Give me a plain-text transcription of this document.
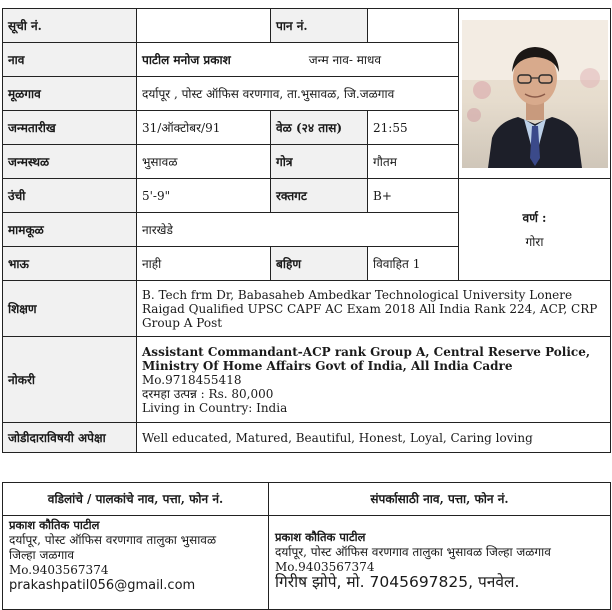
सूची नं.		पान नं.		

नाव	पाटील मनोज प्रकाश जन्म नाव- माधव			
मूळगाव	दर्यापूर , पोस्ट ऑफिस वरणगाव, ता.भुसावळ, जि.जळगाव			
जन्मतारीख	31/ऑक्टोबर/91	वेळ (२४ तास)	21:55	
जन्मस्थळ	भुसावळ	गोत्र	गौतम	
उंची	5'-9"	रक्तगट	B+	वर्ण :
गोरा
मामकूळ	नारखेडे			
भाऊ	नाही	बहिण	विवाहित 1	
शिक्षण	B. Tech frm Dr, Babasaheb Ambedkar Technological University Lonere Raigad Qualified UPSC CAPF AC Exam 2018 All India Rank 224, ACP, CRP Group A Post			
नोकरी	Assistant Commandant-ACP rank Group A, Central Reserve Police,
Ministry Of Home Affairs Govt of India, All India Cadre
Mo.9718455418
दरमहा उत्पन्न : Rs. 80,000
Living in Country: India			

जोडीदाराविषयी अपेक्षा	Well educated, Matured, Beautiful, Honest, Loyal, Caring loving			
वडिलांचे / पालकांचे नाव, पत्ता, फोन नं.	संपर्कासाठी नाव, पत्ता, फोन नं.

प्रकाश कौतिक पाटील
दर्यापूर, पोस्ट ऑफिस वरणगाव तालुका भुसावळ
जिल्हा जळगाव
Mo.9403567374
prakashpatil056@gmail.com	प्रकाश कौतिक पाटील
दर्यापूर, पोस्ट ऑफिस वरणगाव तालुका भुसावळ जिल्हा जळगाव
Mo.9403567374
गिरीष झोपे, मो. 7045697825, पनवेल.
